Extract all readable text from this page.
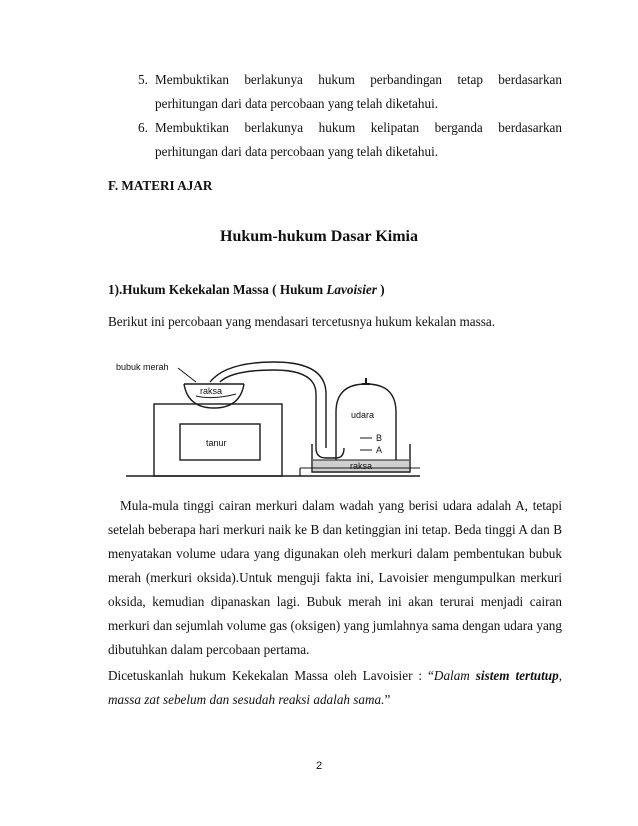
5. Membuktikan berlakunya hukum perbandingan tetap berdasarkan perhitungan dari data percobaan yang telah diketahui.
6. Membuktikan berlakunya hukum kelipatan berganda berdasarkan perhitungan dari data percobaan yang telah diketahui.
F. MATERI AJAR
Hukum-hukum Dasar Kimia
1).Hukum Kekekalan Massa ( Hukum Lavoisier )
Berikut ini percobaan yang mendasari tercetusnya hukum kekalan massa.
bubuk merah
raksa
tanur
udara
B
A
raksa
Mula-mula tinggi cairan merkuri dalam wadah yang berisi udara adalah A, tetapi setelah beberapa hari merkuri naik ke B dan ketinggian ini tetap. Beda tinggi A dan B menyatakan volume udara yang digunakan oleh merkuri dalam pembentukan bubuk merah (merkuri oksida).Untuk menguji fakta ini, Lavoisier mengumpulkan merkuri oksida, kemudian dipanaskan lagi. Bubuk merah ini akan terurai menjadi cairan merkuri dan sejumlah volume gas (oksigen) yang jumlahnya sama dengan udara yang dibutuhkan dalam percobaan pertama.
Dicetuskanlah hukum Kekekalan Massa oleh Lavoisier : “Dalam sistem tertutup, massa zat sebelum dan sesudah reaksi adalah sama.”
2
